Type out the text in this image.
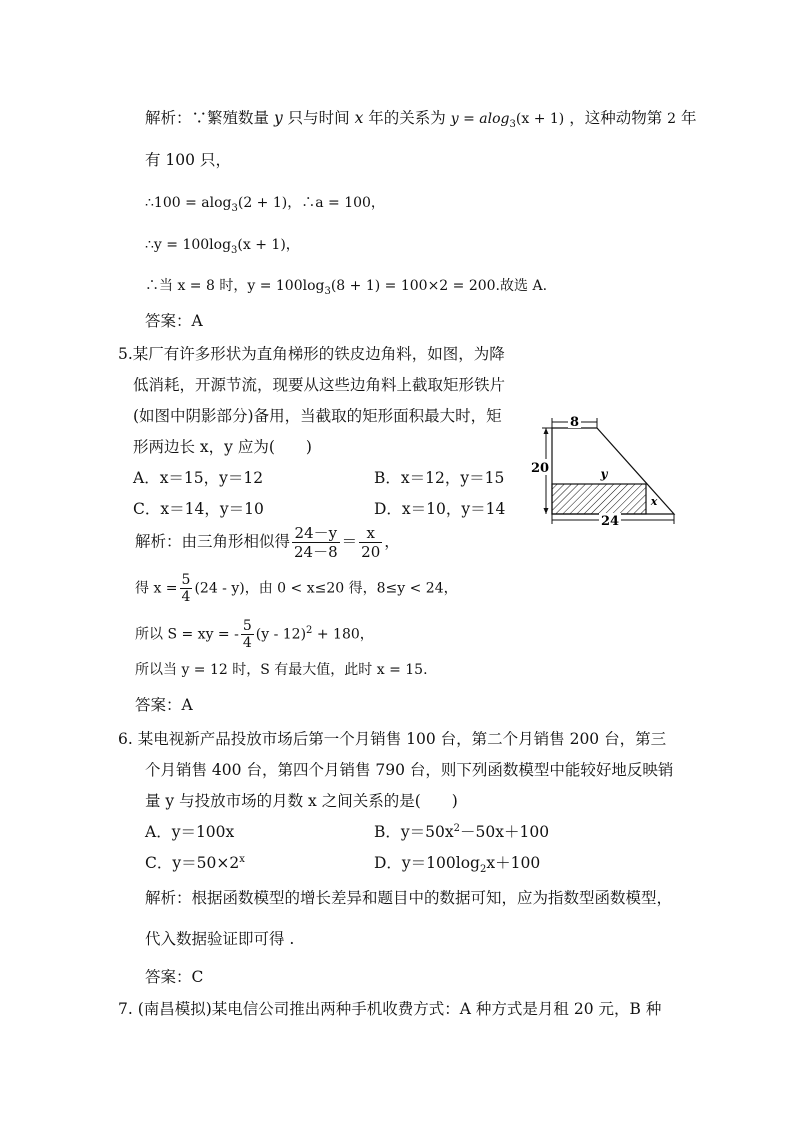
解析：∵繁殖数量 y 只与时间 x 年的关系为 y = alog$_3$(x + 1) ，这种动物第 2 年
有 100 只，
∴100 = alog$_3$(2 + 1)，∴a = 100，
∴y = $100\log_3(x + 1)$，
∴当 x = 8 时，$y = 100\log_3(8 + 1) = 100\times 2 = 200$.故选 A.
答案：A
5.某厂有许多形状为直角梯形的铁皮边角料，如图，为降
低消耗，开源节流，现要从这些边角料上截取矩形铁片
(如图中阴影部分)备用，当截取的矩形面积最大时，矩
形两边长 x，y 应为(　　)
A．x＝15，y＝12	B．x＝12，y＝15
C．x＝14，y＝10	D．x＝10，y＝14
解析：由三角形相似得 $\frac{24-y}{24-8} = \frac{x}{20}$ ，
得 $x = \frac{5}{4} (24 - y)$，由 0 < x≤20 得，8≤y < 24，
所以 S = xy = - $\frac{5}{4} (y - 12)^2 + 180$，
所以当 y = 12 时，S 有最大值，此时 x = 15.
答案：A
8
20
24
y
x
6. 某电视新产品投放市场后第一个月销售 100 台，第二个月销售 200 台，第三
个月销售 400 台，第四个月销售 790 台，则下列函数模型中能较好地反映销
量 y 与投放市场的月数 x 之间关系的是(　　)
A．y＝100x	B．$y=50x^2-50x+100$
C．$y=50\times 2^x$	D．$y=100\log_2x+100$
解析：根据函数模型的增长差异和题目中的数据可知，应为指数型函数模型，
代入数据验证即可得 .
答案：C
7. (南昌模拟)某电信公司推出两种手机收费方式：A 种方式是月租 20 元，B 种
